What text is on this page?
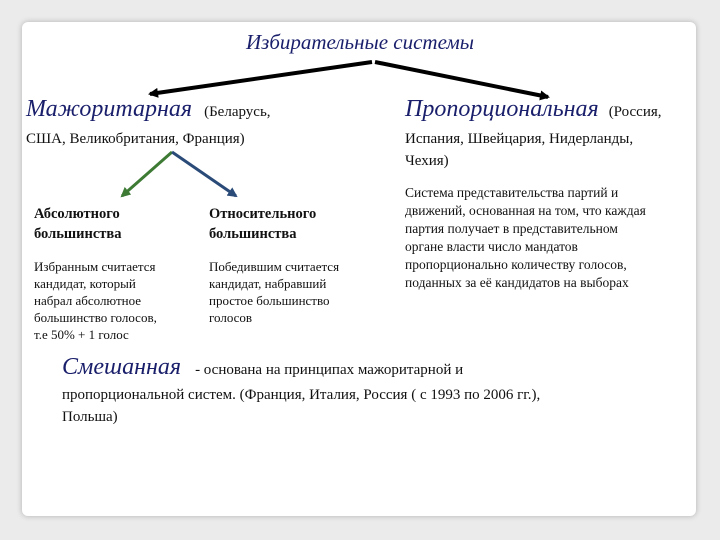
Избирательные системы
Мажоритарная (Беларусь,
США, Великобритания, Франция)
Абсолютного
большинства
Избранным считается
кандидат, который
набрал абсолютное
большинство голосов,
т.е 50% + 1 голос
Относительного
большинства
Победившим считается
кандидат, набравший
простое большинство
голосов
Пропорциональная (Россия,
Испания, Швейцария, Нидерланды,
Чехия)
Система представительства партий и
движений, основанная на том, что каждая
партия получает в представительном
органе власти число мандатов
пропорционально количеству голосов,
поданных за её кандидатов на выборах
Смешанная - основана на принципах мажоритарной и
пропорциональной систем. (Франция, Италия, Россия ( с 1993 по 2006 гг.),
Польша)
